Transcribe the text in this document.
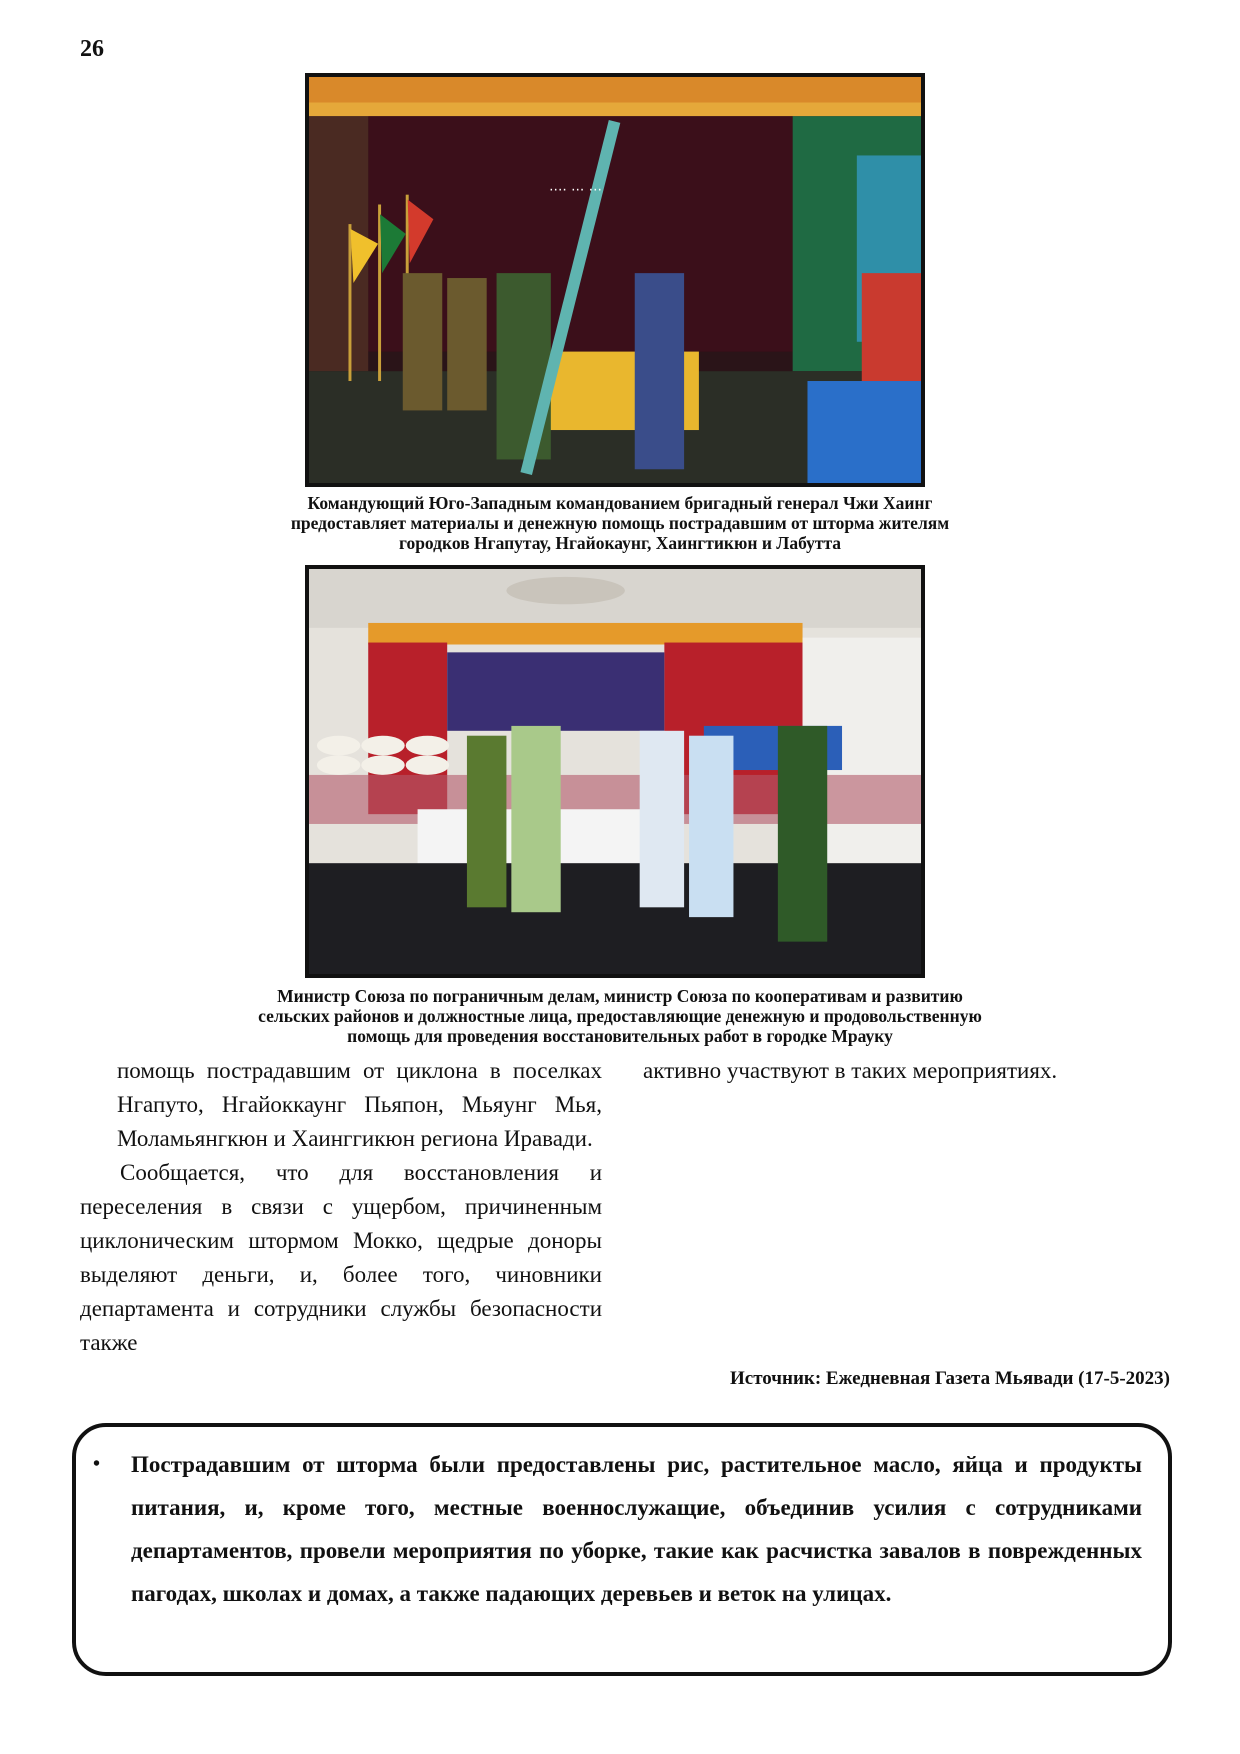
26
···· ··· ···
Командующий Юго-Западным командованием бригадный генерал Чжи Хаинг
предоставляет материалы и денежную помощь пострадавшим от шторма жителям
городков Нгапутау, Нгайокаунг, Хаингтикюн и Лабутта
Министр Союза по пограничным делам, министр Союза по кооперативам и развитию
сельских районов и должностные лица, предоставляющие денежную и продовольственную
помощь для проведения восстановительных работ в городке Мрауку

помощь пострадавшим от циклона в поселках Нгапуто, Нгайоккаунг Пьяпон, Мьяунг Мья, Моламьянгкюн и Хаинггикюн региона Иравади.

Сообщается, что для восстановления и переселения в связи с ущербом, причиненным циклоническим штормом Мокко, щедрые доноры выделяют деньги, и, более того, чиновники департамента и сотрудники службы безопасности также

активно участвуют в таких мероприятиях.

Источник: Ежедневная Газета Мьявади (17-5-2023)
• Пострадавшим от шторма были предоставлены рис, растительное масло, яйца и продукты питания, и, кроме того, местные военнослужащие, объединив усилия с сотрудниками департаментов, провели мероприятия по уборке, такие как расчистка завалов в поврежденных пагодах, школах и домах, а также падающих деревьев и веток на улицах.
